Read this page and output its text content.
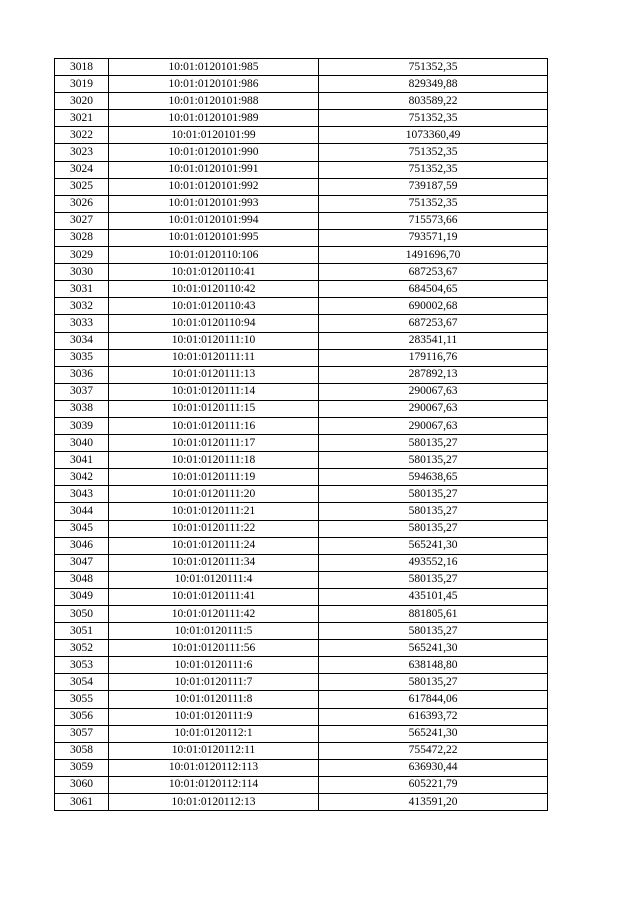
3018	10:01:0120101:985	751352,35
3019	10:01:0120101:986	829349,88
3020	10:01:0120101:988	803589,22
3021	10:01:0120101:989	751352,35
3022	10:01:0120101:99	1073360,49
3023	10:01:0120101:990	751352,35
3024	10:01:0120101:991	751352,35
3025	10:01:0120101:992	739187,59
3026	10:01:0120101:993	751352,35
3027	10:01:0120101:994	715573,66
3028	10:01:0120101:995	793571,19
3029	10:01:0120110:106	1491696,70
3030	10:01:0120110:41	687253,67
3031	10:01:0120110:42	684504,65
3032	10:01:0120110:43	690002,68
3033	10:01:0120110:94	687253,67
3034	10:01:0120111:10	283541,11
3035	10:01:0120111:11	179116,76
3036	10:01:0120111:13	287892,13
3037	10:01:0120111:14	290067,63
3038	10:01:0120111:15	290067,63
3039	10:01:0120111:16	290067,63
3040	10:01:0120111:17	580135,27
3041	10:01:0120111:18	580135,27
3042	10:01:0120111:19	594638,65
3043	10:01:0120111:20	580135,27
3044	10:01:0120111:21	580135,27
3045	10:01:0120111:22	580135,27
3046	10:01:0120111:24	565241,30
3047	10:01:0120111:34	493552,16
3048	10:01:0120111:4	580135,27
3049	10:01:0120111:41	435101,45
3050	10:01:0120111:42	881805,61
3051	10:01:0120111:5	580135,27
3052	10:01:0120111:56	565241,30
3053	10:01:0120111:6	638148,80
3054	10:01:0120111:7	580135,27
3055	10:01:0120111:8	617844,06
3056	10:01:0120111:9	616393,72
3057	10:01:0120112:1	565241,30
3058	10:01:0120112:11	755472,22
3059	10:01:0120112:113	636930,44
3060	10:01:0120112:114	605221,79
3061	10:01:0120112:13	413591,20
